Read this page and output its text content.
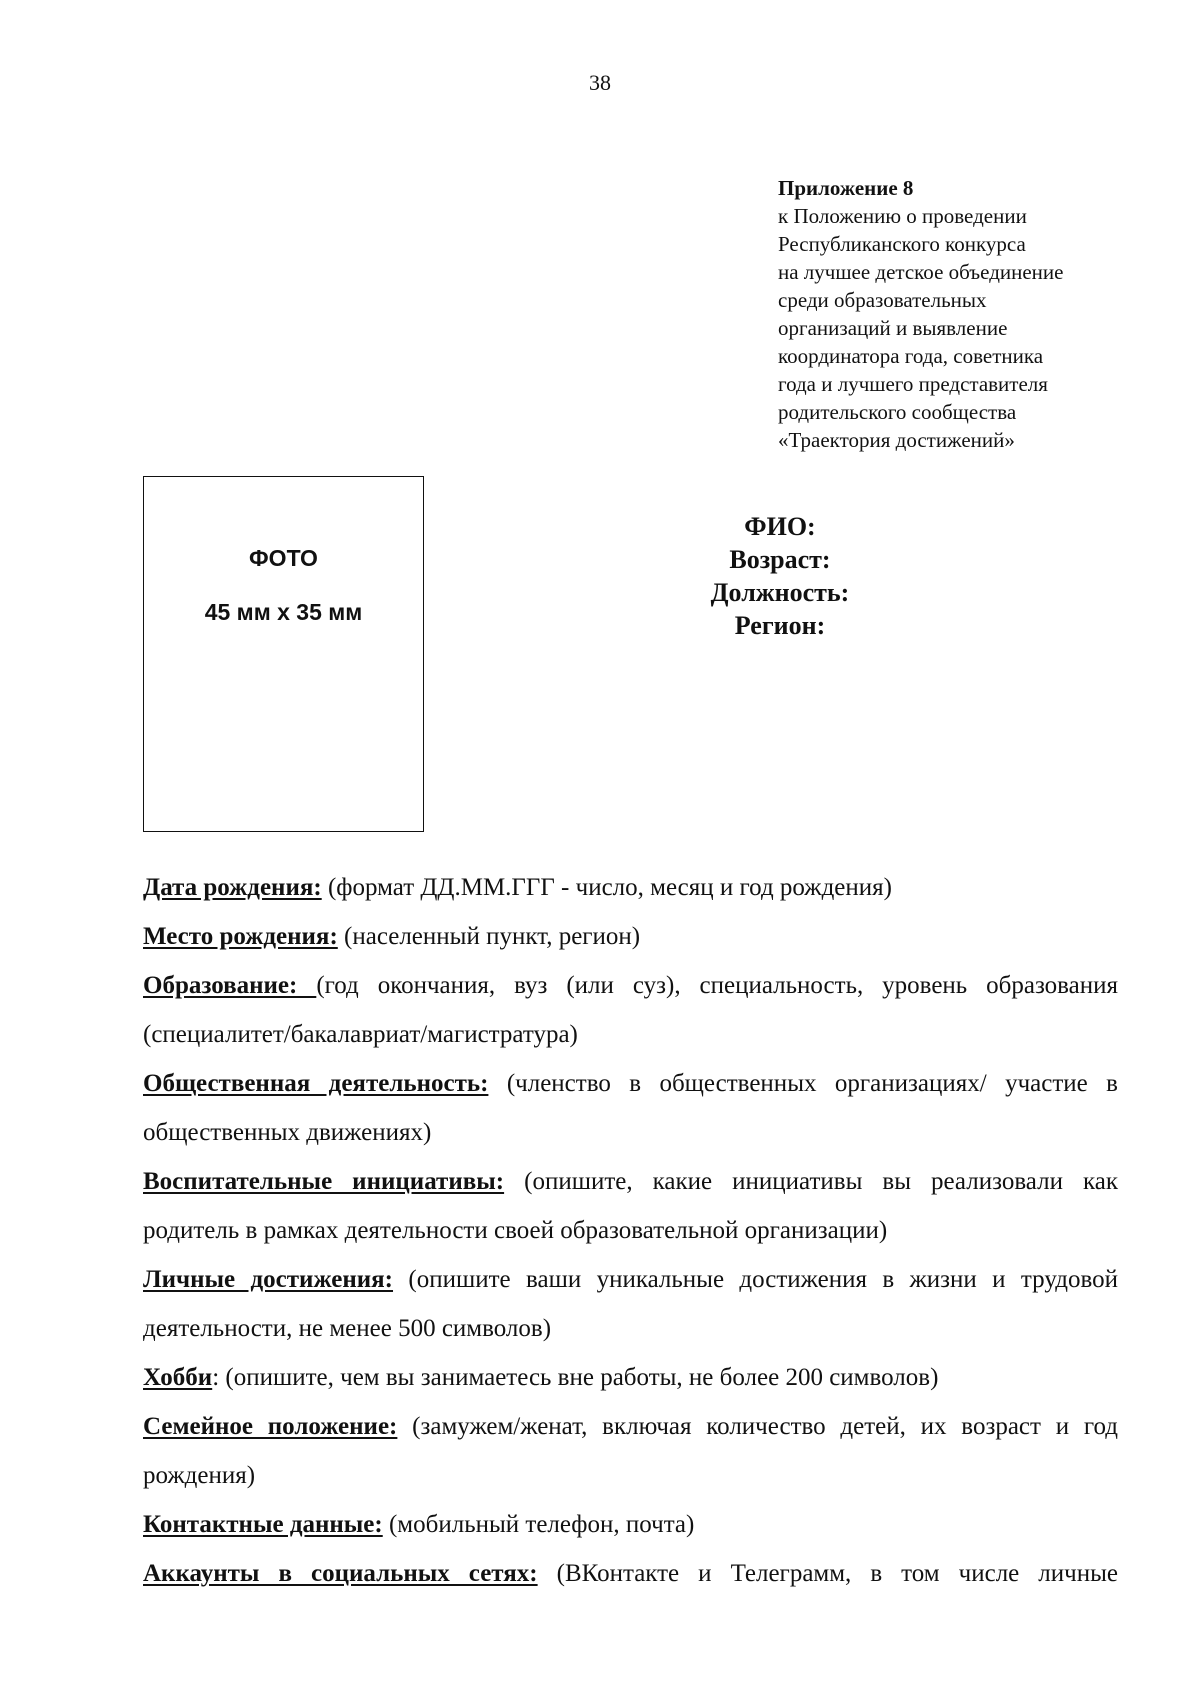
38
Приложение 8
к Положению о проведении
Республиканского конкурса
на лучшее детское объединение
среди образовательных
организаций и выявление
координатора года, советника
года и лучшего представителя
родительского сообщества
«Траектория достижений»
ФОТО
45 мм х 35 мм
ФИО:
Возраст:
Должность:
Регион:
Дата рождения: (формат ДД.ММ.ГГГ - число, месяц и год рождения)
Место рождения: (населенный пункт, регион)
Образование: (год окончания, вуз (или суз), специальность, уровень образования (специалитет/бакалавриат/магистратура)
Общественная деятельность: (членство в общественных организациях/ участие в общественных движениях)
Воспитательные инициативы: (опишите, какие инициативы вы реализовали как родитель в рамках деятельности своей образовательной организации)
Личные достижения: (опишите ваши уникальные достижения в жизни и трудовой деятельности, не менее 500 символов)
Хобби: (опишите, чем вы занимаетесь вне работы, не более 200 символов)
Семейное положение: (замужем/женат, включая количество детей, их возраст и год рождения)
Контактные данные: (мобильный телефон, почта)
Аккаунты в социальных сетях: (ВКонтакте и Телеграмм, в том числе личные
